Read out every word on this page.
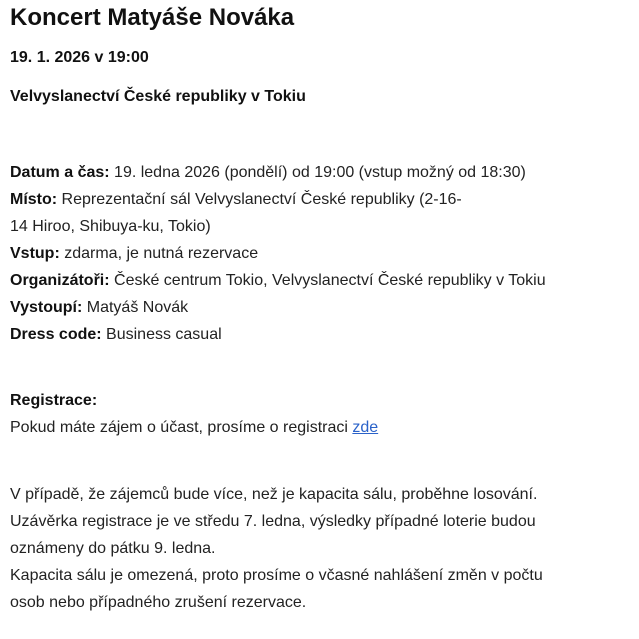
Koncert Matyáše Nováka
19. 1. 2026 v 19:00
Velvyslanectví České republiky v Tokiu
Datum a čas: 19. ledna 2026 (pondělí) od 19:00 (vstup možný od 18:30)
Místo: Reprezentační sál Velvyslanectví České republiky (2-16-
14 Hiroo, Shibuya-ku, Tokio)
Vstup: zdarma, je nutná rezervace
Organizátoři: České centrum Tokio, Velvyslanectví České republiky v Tokiu
Vystoupí: Matyáš Novák
Dress code: Business casual
Registrace:
Pokud máte zájem o účast, prosíme o registraci zde

V případě, že zájemců bude více, než je kapacita sálu, proběhne losování.

Uzávěrka registrace je ve středu 7. ledna, výsledky případné loterie budou

oznámeny do pátku 9. ledna.

Kapacita sálu je omezená, proto prosíme o včasné nahlášení změn v počtu

osob nebo případného zrušení rezervace.
